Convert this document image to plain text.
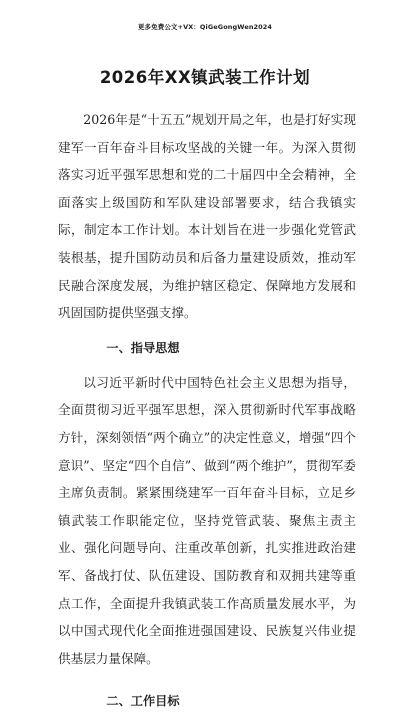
更多免费公文+VX：QiGeGongWen2024
2026年XX镇武装工作计划

2026年是“十五五”规划开局之年，也是打好实现建军一百年奋斗目标攻坚战的关键一年。为深入贯彻落实习近平强军思想和党的二十届四中全会精神，全面落实上级国防和军队建设部署要求，结合我镇实际，制定本工作计划。本计划旨在进一步强化党管武装根基，提升国防动员和后备力量建设质效，推动军民融合深度发展，为维护辖区稳定、保障地方发展和巩固国防提供坚强支撑。

一、指导思想

以习近平新时代中国特色社会主义思想为指导，全面贯彻习近平强军思想，深入贯彻新时代军事战略方针，深刻领悟“两个确立”的决定性意义，增强“四个意识”、坚定“四个自信”、做到“两个维护”，贯彻军委主席负责制。紧紧围绕建军一百年奋斗目标，立足乡镇武装工作职能定位，坚持党管武装、聚焦主责主业、强化问题导向、注重改革创新，扎实推进政治建军、备战打仗、队伍建设、国防教育和双拥共建等重点工作，全面提升我镇武装工作高质量发展水平，为以中国式现代化全面推进强国建设、民族复兴伟业提供基层力量保障。

二、工作目标
